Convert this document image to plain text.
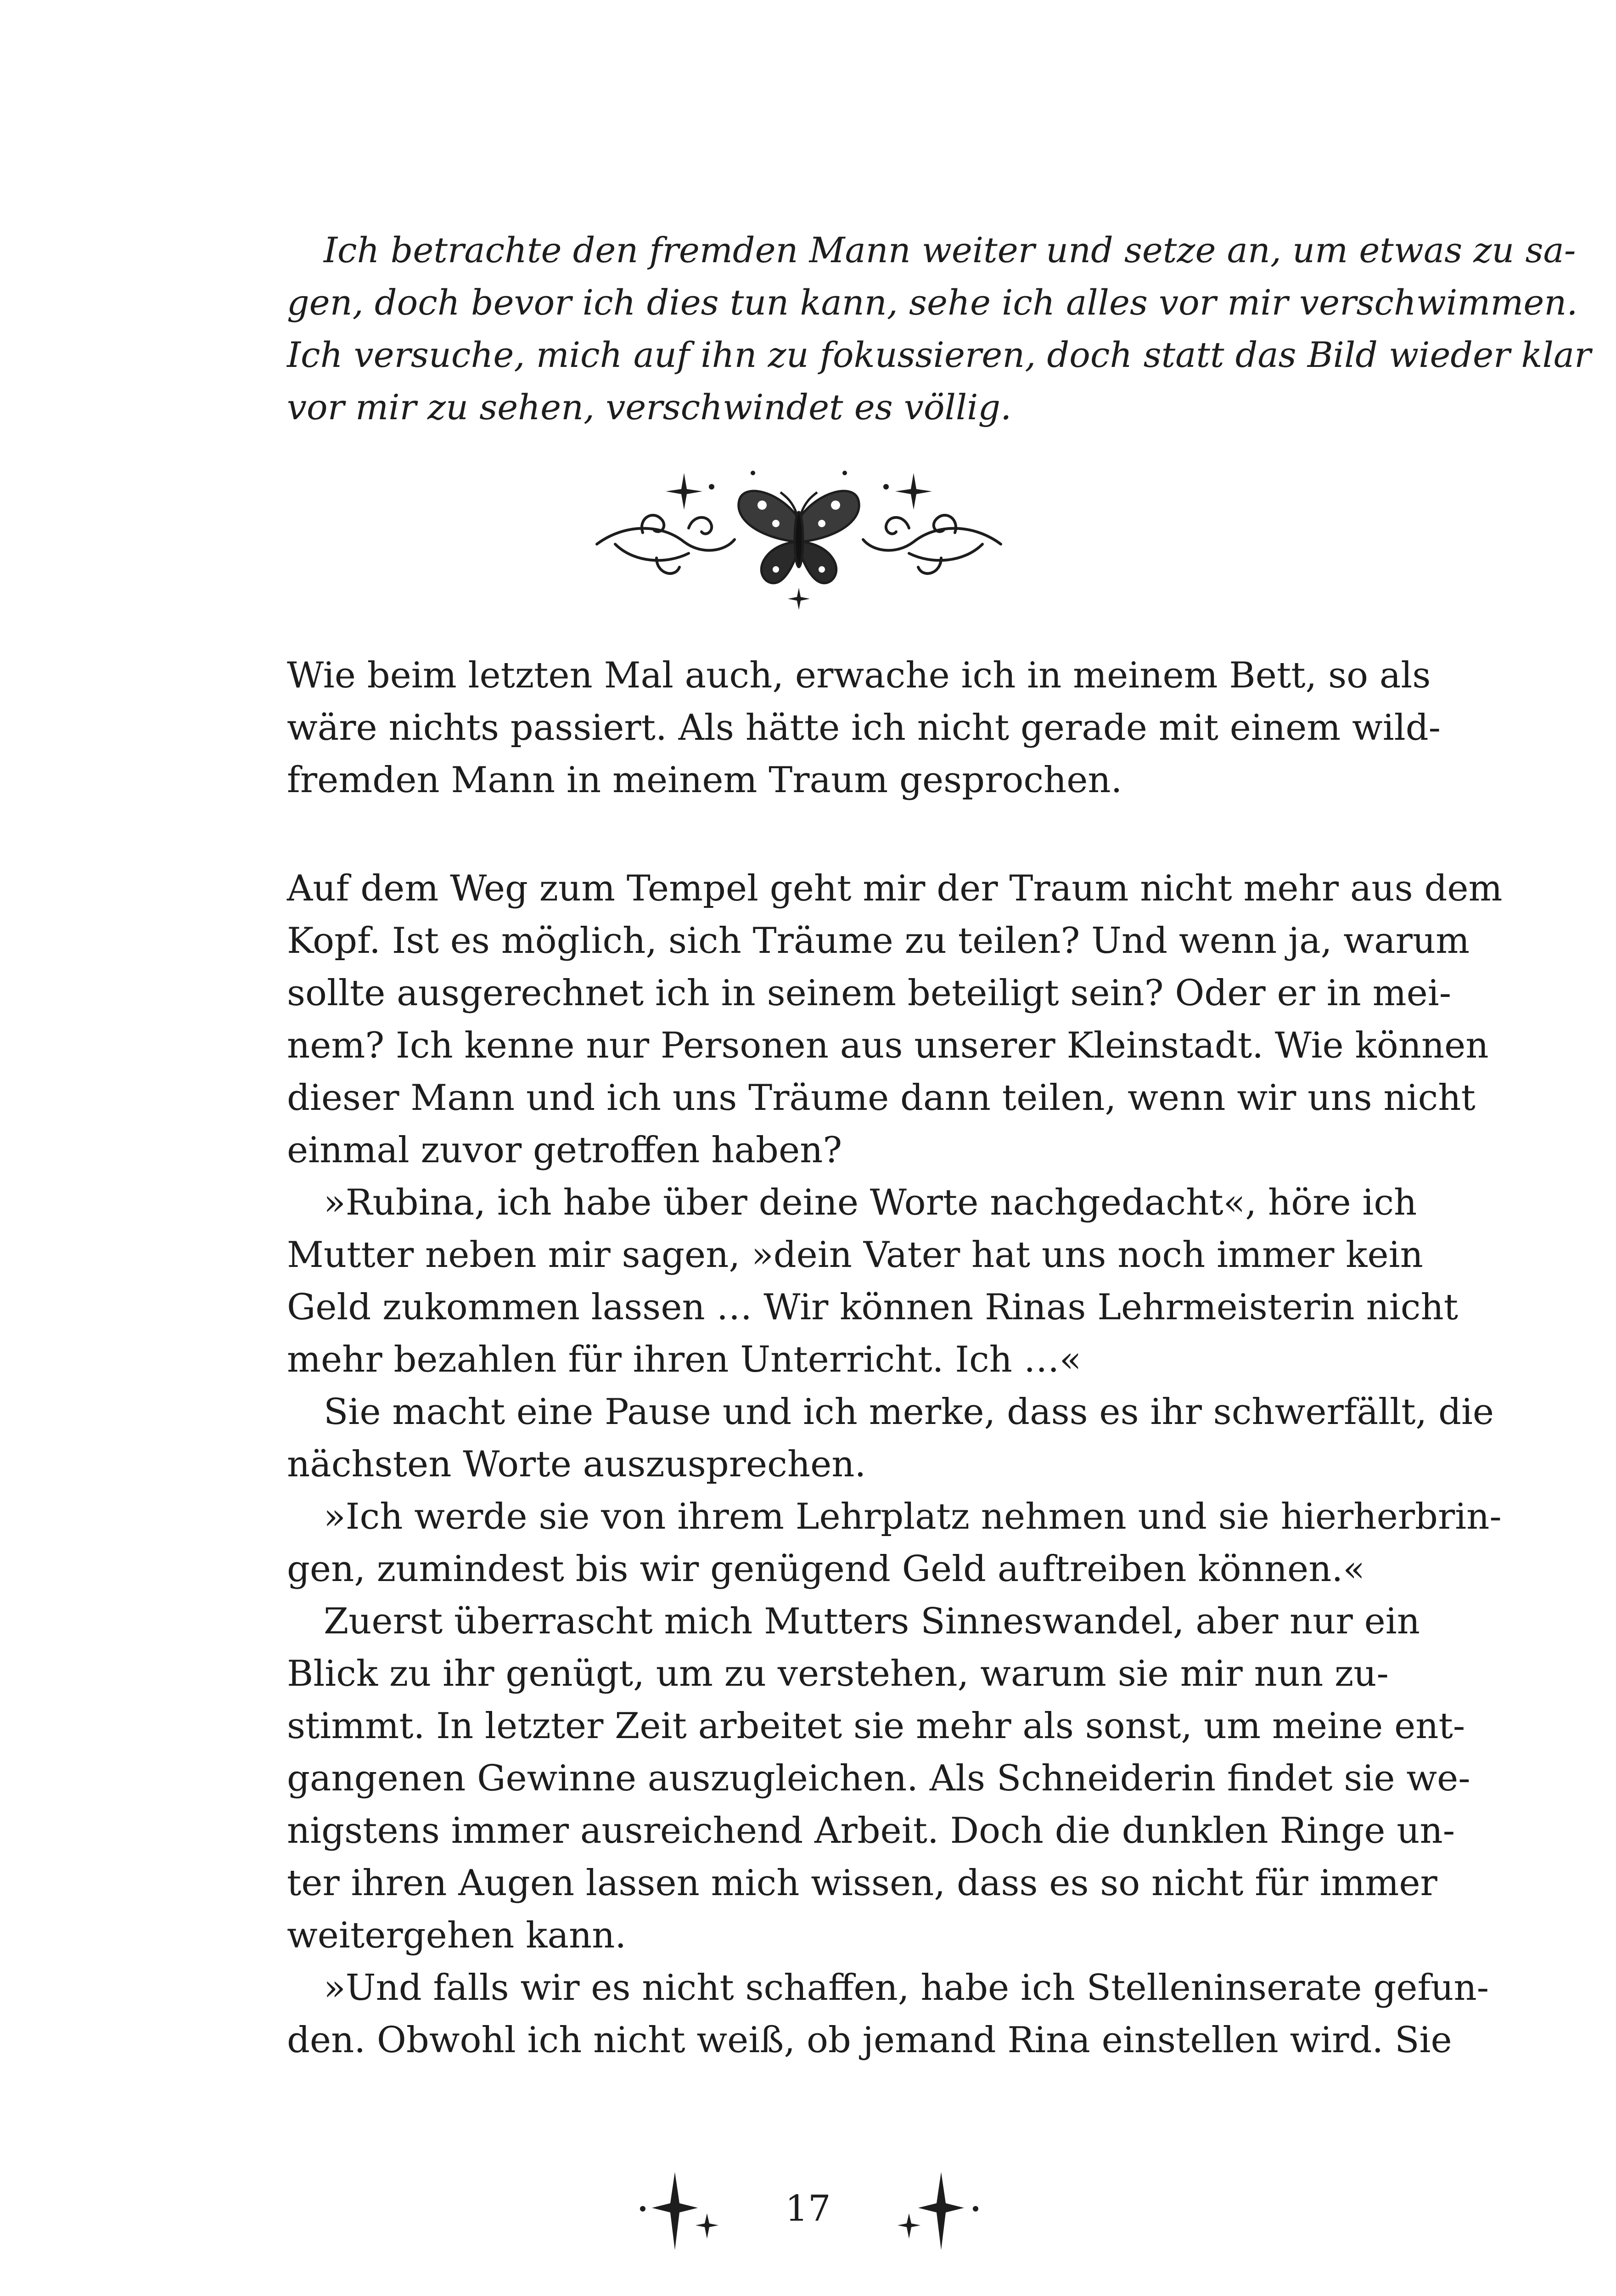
Ich betrachte den fremden Mann weiter und setze an, um etwas zu sa-
gen, doch bevor ich dies tun kann, sehe ich alles vor mir verschwimmen.
Ich versuche, mich auf ihn zu fokussieren, doch statt das Bild wieder klar
vor mir zu sehen, verschwindet es völlig.
Wie beim letzten Mal auch, erwache ich in meinem Bett, so als
wäre nichts passiert. Als hätte ich nicht gerade mit einem wild-
fremden Mann in meinem Traum gesprochen.
Auf dem Weg zum Tempel geht mir der Traum nicht mehr aus dem
Kopf. Ist es möglich, sich Träume zu teilen? Und wenn ja, warum
sollte ausgerechnet ich in seinem beteiligt sein? Oder er in mei-
nem? Ich kenne nur Personen aus unserer Kleinstadt. Wie können
dieser Mann und ich uns Träume dann teilen, wenn wir uns nicht
einmal zuvor getroffen haben?
»Rubina, ich habe über deine Worte nachgedacht«, höre ich
Mutter neben mir sagen, »dein Vater hat uns noch immer kein
Geld zukommen lassen … Wir können Rinas Lehrmeisterin nicht
mehr bezahlen für ihren Unterricht. Ich …«
Sie macht eine Pause und ich merke, dass es ihr schwerfällt, die
nächsten Worte auszusprechen.
»Ich werde sie von ihrem Lehrplatz nehmen und sie hierherbrin-
gen, zumindest bis wir genügend Geld auftreiben können.«
Zuerst überrascht mich Mutters Sinneswandel, aber nur ein
Blick zu ihr genügt, um zu verstehen, warum sie mir nun zu-
stimmt. In letzter Zeit arbeitet sie mehr als sonst, um meine ent-
gangenen Gewinne auszugleichen. Als Schneiderin findet sie we-
nigstens immer ausreichend Arbeit. Doch die dunklen Ringe un-
ter ihren Augen lassen mich wissen, dass es so nicht für immer
weitergehen kann.
»Und falls wir es nicht schaffen, habe ich Stelleninserate gefun-
den. Obwohl ich nicht weiß, ob jemand Rina einstellen wird. Sie
17
